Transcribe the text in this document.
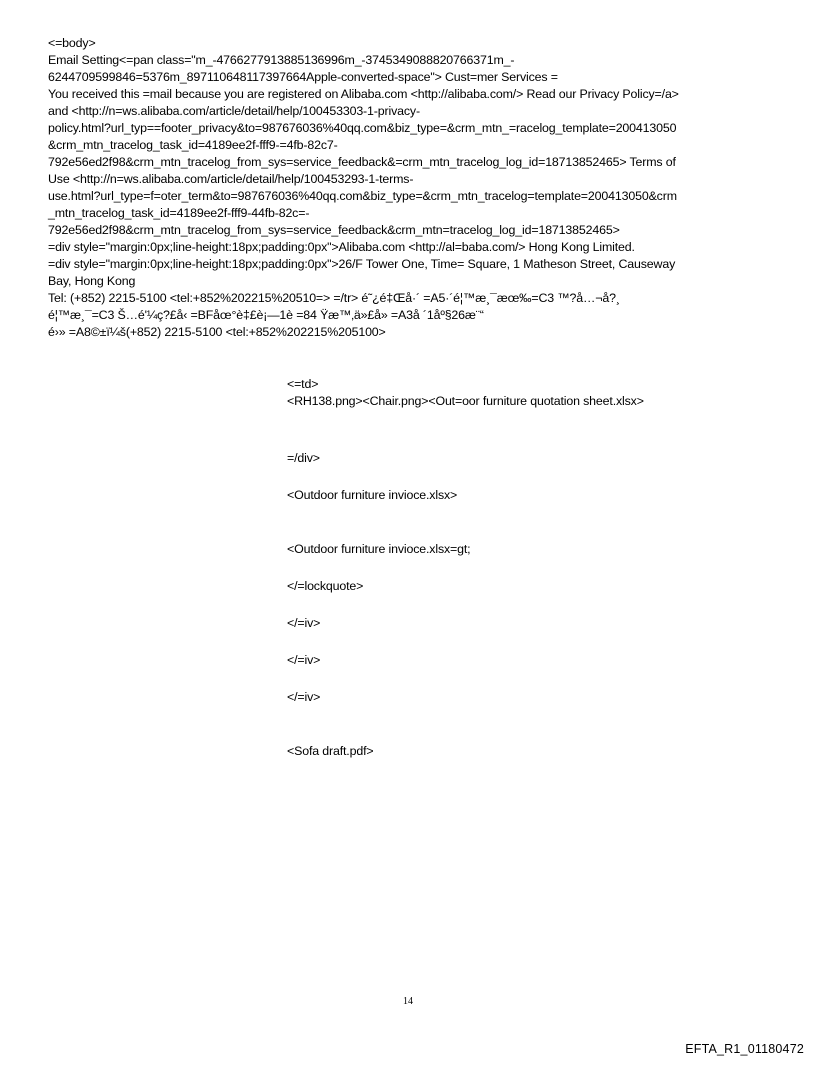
<=body>
Email Setting<=pan class="m_-4766277913885136996m_-3745349088820766371m_-
6244709599846=5376m_897110648117397664Apple-converted-space"> Cust=mer Services =
You received this =mail because you are registered on Alibaba.com <http://alibaba.com/> Read our Privacy Policy=/a>
and <http://n=ws.alibaba.com/article/detail/help/100453303-1-privacy-
policy.html?url_typ==footer_privacy&to=987676036%40qq.com&biz_type=&crm_mtn_=racelog_template=200413050
&crm_mtn_tracelog_task_id=4189ee2f-fff9-=4fb-82c7-
792e56ed2f98&crm_mtn_tracelog_from_sys=service_feedback&=crm_mtn_tracelog_log_id=18713852465> Terms of
Use <http://n=ws.alibaba.com/article/detail/help/100453293-1-terms-
use.html?url_type=f=oter_term&to=987676036%40qq.com&biz_type=&crm_mtn_tracelog=template=200413050&crm
_mtn_tracelog_task_id=4189ee2f-fff9-44fb-82c=-
792e56ed2f98&crm_mtn_tracelog_from_sys=service_feedback&crm_mtn=tracelog_log_id=18713852465>
=div style="margin:0px;line-height:18px;padding:0px">Alibaba.com <http://al=baba.com/> Hong Kong Limited.
=div style="margin:0px;line-height:18px;padding:0px">26/F Tower One, Time= Square, 1 Matheson Street, Causeway
Bay, Hong Kong
Tel: (+852) 2215-5100 <tel:+852%202215%20510=> =/tr> é˜¿é‡Œå·´ =A5·´é¦™æ¸¯æœ‰=C3 ™?å…¬å?¸
é¦™æ¸¯=C3 Š…é'¼ç?£å‹ =BFåœ°è‡£è¡—1è =84 Ÿæ™‚ä»£å» =A3å ´1åº§26æ¨“
é›» =A8©±ï¼š(+852) 2215-5100 <tel:+852%202215%205100>
<=td>
<RH138.png><Chair.png><Out=oor furniture quotation sheet.xlsx>
=/div>
<Outdoor furniture invioce.xlsx>
<Outdoor furniture invioce.xlsx=gt;
</=lockquote>
</=iv>
</=iv>
</=iv>
<Sofa draft.pdf>
14
EFTA_R1_01180472
